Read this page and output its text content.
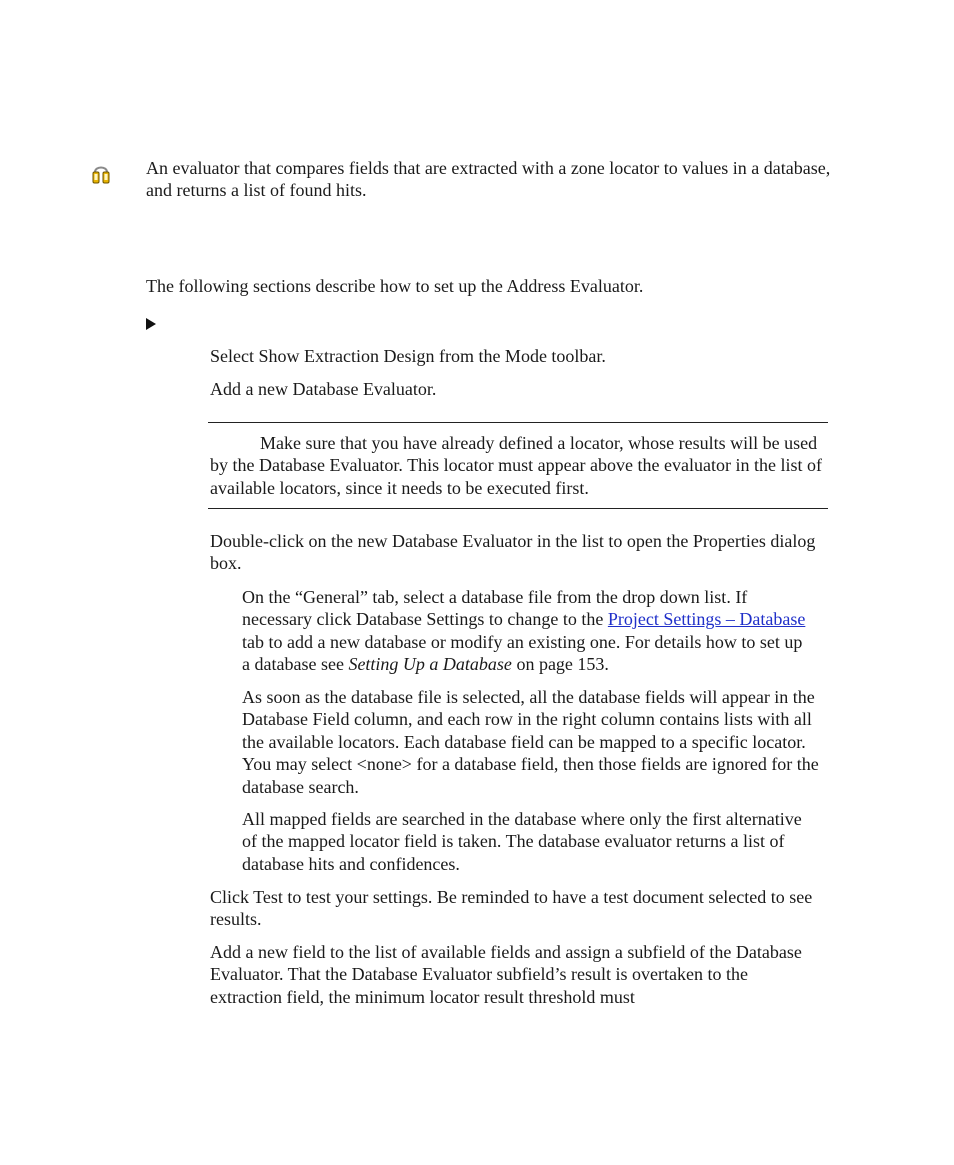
An evaluator that compares fields that are extracted with a zone locator to values in a database, and returns a list of found hits.

The following sections describe how to set up the Address Evaluator.

Select Show Extraction Design from the Mode toolbar.

Add a new Database Evaluator.

Make sure that you have already defined a locator, whose results will be used by the Database Evaluator. This locator must appear above the evaluator in the list of available locators, since it needs to be executed first.

Double-click on the new Database Evaluator in the list to open the Properties dialog box.

On the “General” tab, select a database file from the drop down list. If necessary click Database Settings to change to the Project Settings – Database tab to add a new database or modify an existing one. For details how to set up a database see Setting Up a Database on page 153.

As soon as the database file is selected, all the database fields will appear in the Database Field column, and each row in the right column contains lists with all the available locators. Each database field can be mapped to a specific locator. You may select <none> for a database field, then those fields are ignored for the database search.

All mapped fields are searched in the database where only the first alternative of the mapped locator field is taken. The database evaluator returns a list of database hits and confidences.

Click Test to test your settings. Be reminded to have a test document selected to see results.

Add a new field to the list of available fields and assign a subfield of the Database Evaluator. That the Database Evaluator subfield’s result is overtaken to the extraction field, the minimum locator result threshold must
